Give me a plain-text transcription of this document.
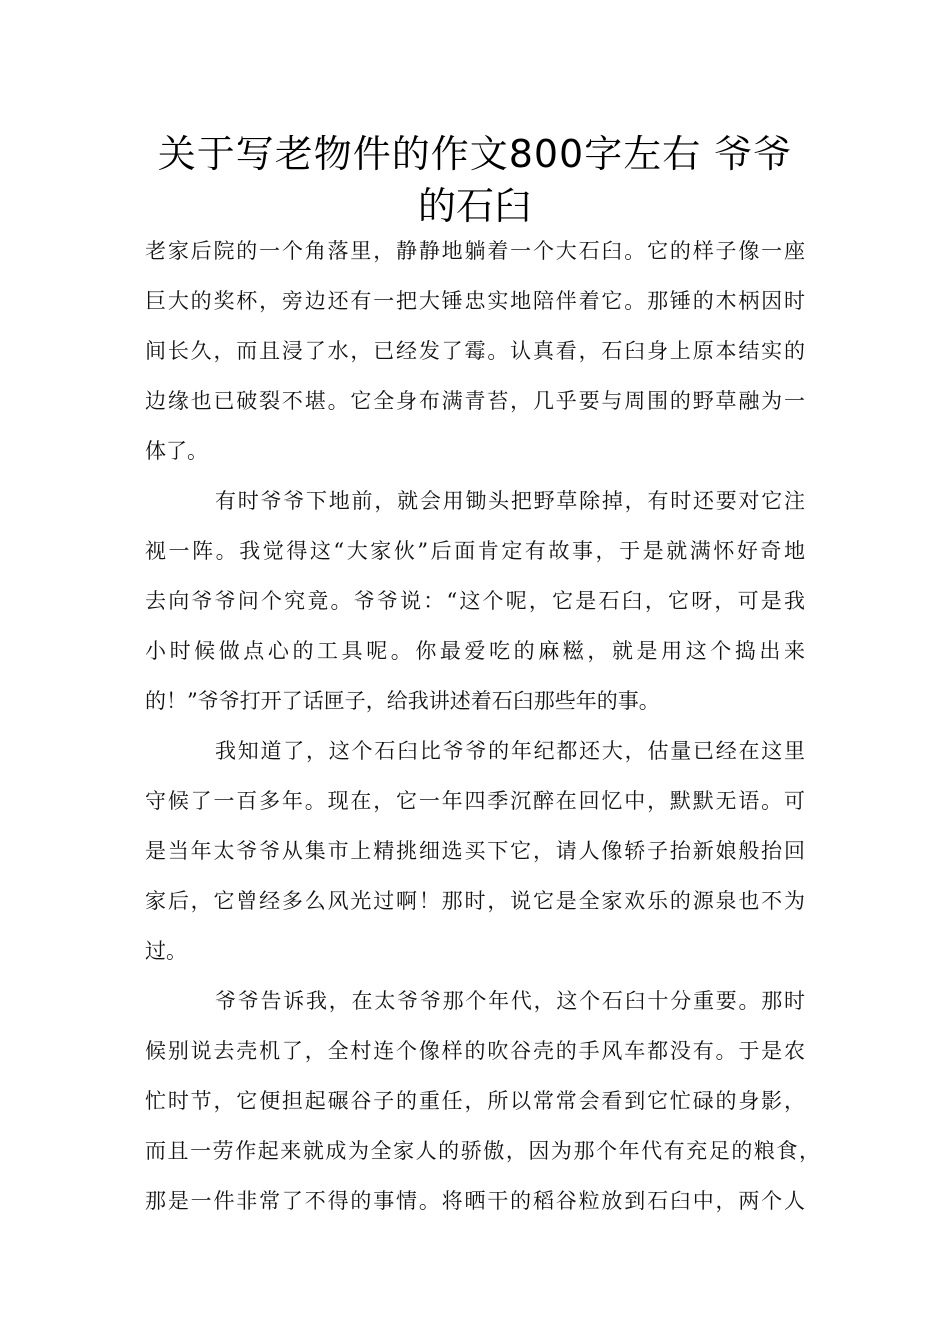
关于写老物件的作文800字左右 爷爷
的石臼
老家后院的一个角落里，静静地躺着一个大石臼。它的样子像一座
巨大的奖杯，旁边还有一把大锤忠实地陪伴着它。那锤的木柄因时
间长久，而且浸了水，已经发了霉。认真看，石臼身上原本结实的
边缘也已破裂不堪。它全身布满青苔，几乎要与周围的野草融为一
体了。
有时爷爷下地前，就会用锄头把野草除掉，有时还要对它注
视一阵。我觉得这“大家伙”后面肯定有故事，于是就满怀好奇地
去向爷爷问个究竟。爷爷说：“这个呢，它是石臼，它呀，可是我
小时候做点心的工具呢。你最爱吃的麻糍，就是用这个捣出来
的！”爷爷打开了话匣子，给我讲述着石臼那些年的事。
我知道了，这个石臼比爷爷的年纪都还大，估量已经在这里
守候了一百多年。现在，它一年四季沉醉在回忆中，默默无语。可
是当年太爷爷从集市上精挑细选买下它，请人像轿子抬新娘般抬回
家后，它曾经多么风光过啊！那时，说它是全家欢乐的源泉也不为
过。
爷爷告诉我，在太爷爷那个年代，这个石臼十分重要。那时
候别说去壳机了，全村连个像样的吹谷壳的手风车都没有。于是农
忙时节，它便担起碾谷子的重任，所以常常会看到它忙碌的身影，
而且一劳作起来就成为全家人的骄傲，因为那个年代有充足的粮食，
那是一件非常了不得的事情。将晒干的稻谷粒放到石臼中，两个人
